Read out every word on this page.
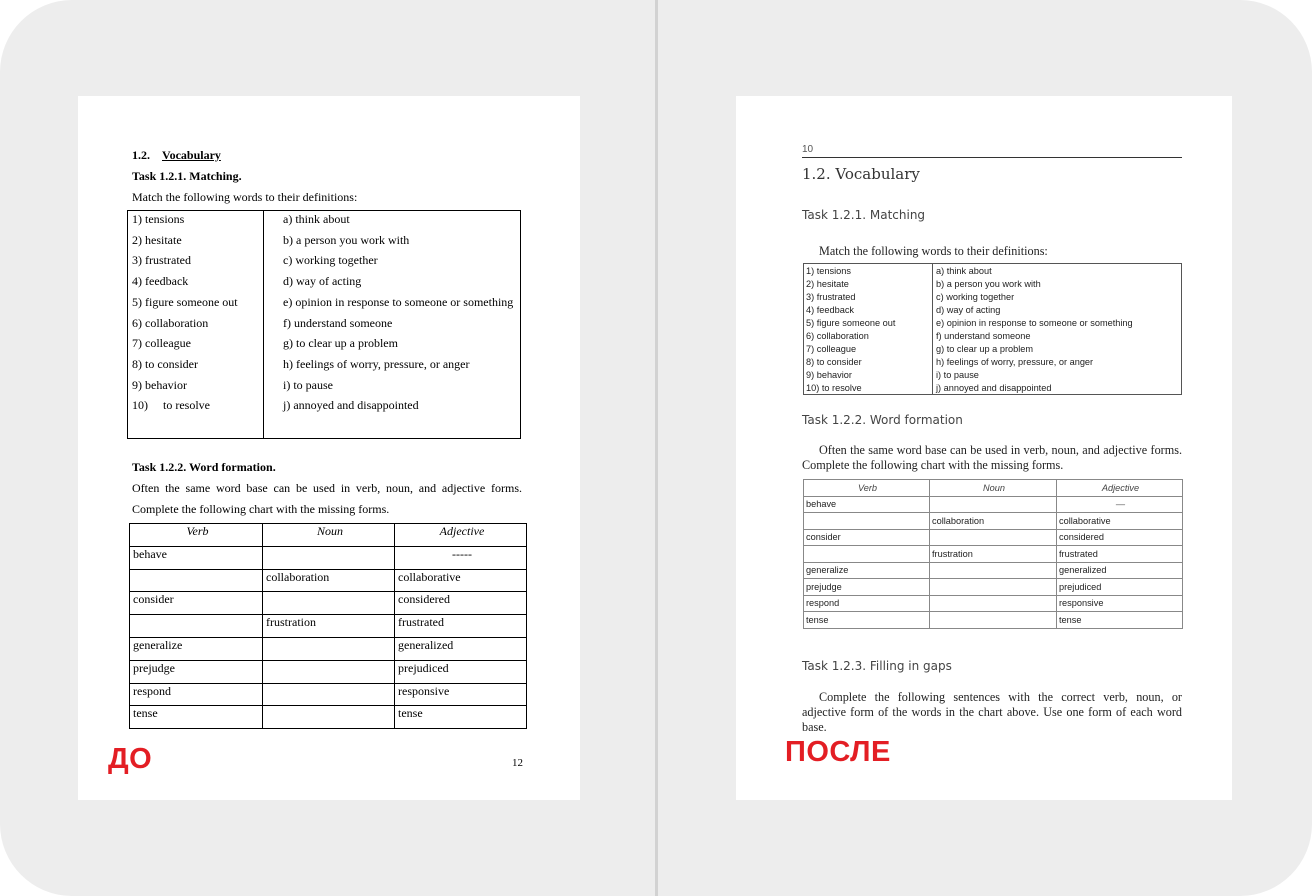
1.2. Vocabulary
Task 1.2.1. Matching.
Match the following words to their definitions:
1) tensions	a) think about
2) hesitate	b) a person you work with
3) frustrated	c) working together
4) feedback	d) way of acting
5) figure someone out	e) opinion in response to someone or something
6) collaboration	f) understand someone
7) colleague	g) to clear up a problem
8) to consider	h) feelings of worry, pressure, or anger
9) behavior	i) to pause
10)     to resolve	j) annoyed and disappointed
Task 1.2.2. Word formation.
Often the same word base can be used in verb, noun, and adjective forms.
Complete the following chart with the missing forms.
Verb	Noun	Adjective
behave		-----
	collaboration	collaborative
consider		considered
	frustration	frustrated
generalize		generalized
prejudge		prejudiced
respond		responsive
tense		tense
12
ДО
10
1.2. Vocabulary
Task 1.2.1. Matching
Match the following words to their definitions:
1) tensions	a) think about
2) hesitate	b) a person you work with
3) frustrated	c) working together
4) feedback	d) way of acting
5) figure someone out	e) opinion in response to someone or something
6) collaboration	f) understand someone
7) colleague	g) to clear up a problem
8) to consider	h) feelings of worry, pressure, or anger
9) behavior	i) to pause
10) to resolve	j) annoyed and disappointed
Task 1.2.2. Word formation
Often the same word base can be used in verb, noun, and adjective forms. Complete the following chart with the missing forms.
Verb	Noun	Adjective
behave		—
	collaboration	collaborative
consider		considered
	frustration	frustrated
generalize		generalized
prejudge		prejudiced
respond		responsive
tense		tense
Task 1.2.3. Filling in gaps
Complete the following sentences with the correct verb, noun, or adjective form of the words in the chart above. Use one form of each word base.
ПОСЛЕ
